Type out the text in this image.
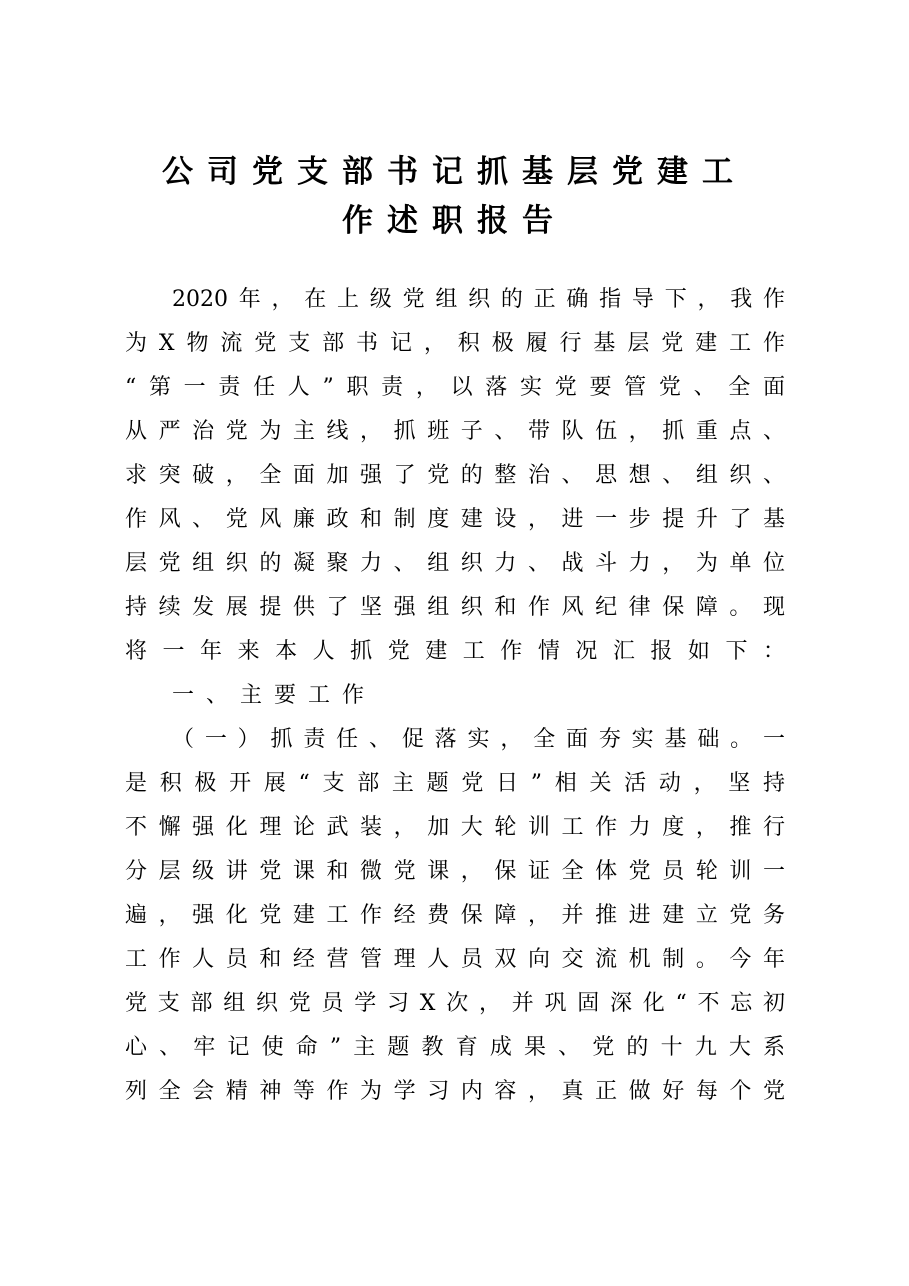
公司党支部书记抓基层党建工
作述职报告
2020年，在上级党组织的正确指导下，我作
为X物流党支部书记，积极履行基层党建工作
“第一责任人”职责，以落实党要管党、全面
从严治党为主线，抓班子、带队伍，抓重点、
求突破，全面加强了党的整治、思想、组织、
作风、党风廉政和制度建设，进一步提升了基
层党组织的凝聚力、组织力、战斗力，为单位
持续发展提供了坚强组织和作风纪律保障。现
将一年来本人抓党建工作情况汇报如下：
一、主要工作
（一）抓责任、促落实，全面夯实基础。一
是积极开展“支部主题党日”相关活动，坚持
不懈强化理论武装，加大轮训工作力度，推行
分层级讲党课和微党课，保证全体党员轮训一
遍，强化党建工作经费保障，并推进建立党务
工作人员和经营管理人员双向交流机制。今年
党支部组织党员学习X次，并巩固深化“不忘初
心、牢记使命”主题教育成果、党的十九大系
列全会精神等作为学习内容，真正做好每个党
